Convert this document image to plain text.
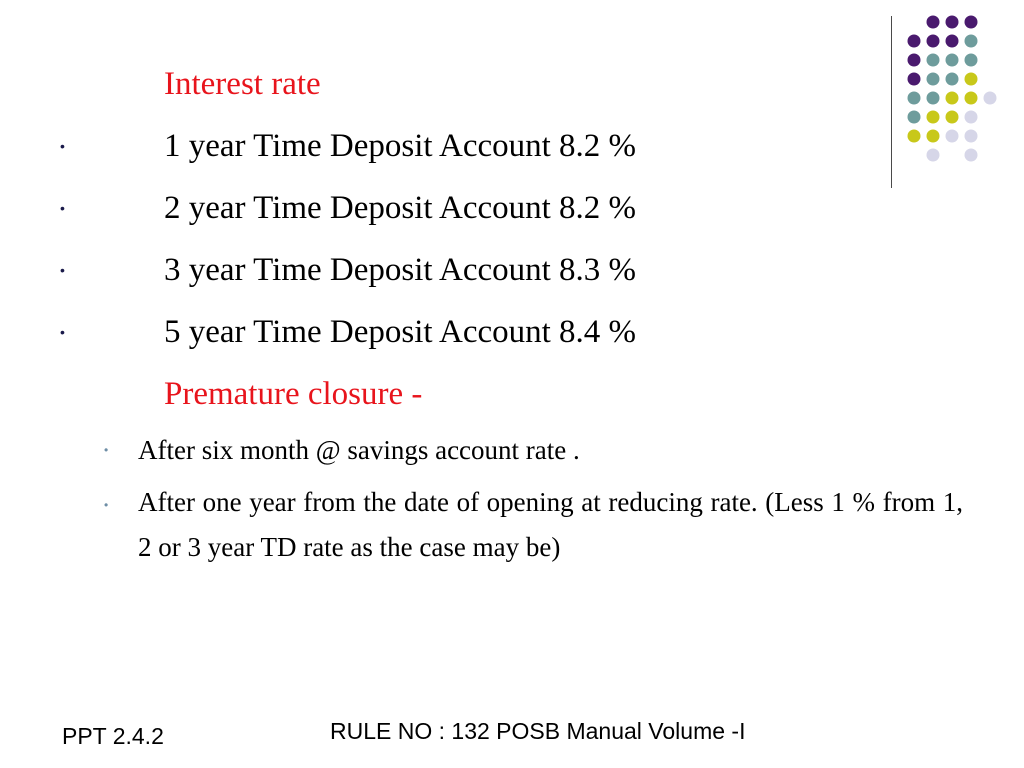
Interest rate
•	1 year Time Deposit Account 8.2 %
•	2 year Time Deposit Account 8.2 %
•	3 year Time Deposit Account 8.3 %
•	5 year Time Deposit Account 8.4 %
Premature closure -
• After six month @ savings account rate .
• After one year from the date of opening at reducing rate. (Less 1 % from 1, 2 or 3 year TD rate as the case may be)
PPT 2.4.2	RULE NO : 132 POSB Manual Volume -I
